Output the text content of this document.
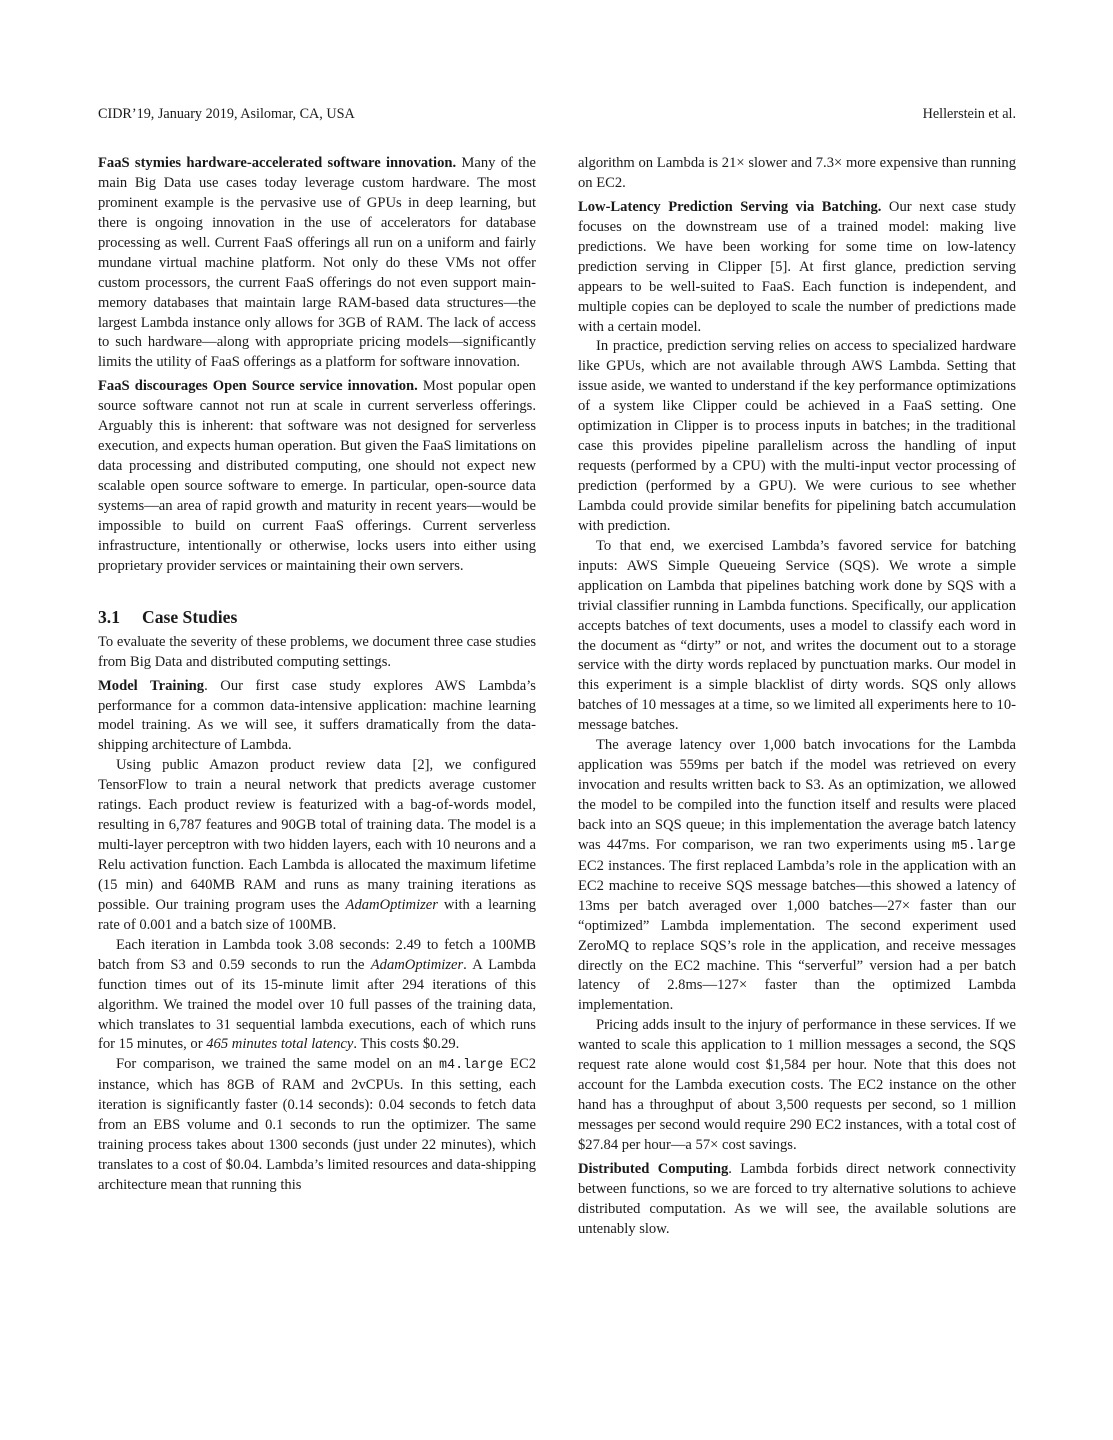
CIDR’19, January 2019, Asilomar, CA, USA	Hellerstein et al.

FaaS stymies hardware-accelerated software innovation. Many of the main Big Data use cases today leverage custom hardware. The most prominent example is the pervasive use of GPUs in deep learning, but there is ongoing innovation in the use of accelerators for database processing as well. Current FaaS offerings all run on a uniform and fairly mundane virtual machine platform. Not only do these VMs not offer custom processors, the current FaaS offerings do not even support main-memory databases that maintain large RAM-based data structures—the largest Lambda instance only allows for 3GB of RAM. The lack of access to such hardware—along with appropriate pricing models—significantly limits the utility of FaaS offerings as a platform for software innovation.

FaaS discourages Open Source service innovation. Most popular open source software cannot not run at scale in current serverless offerings. Arguably this is inherent: that software was not designed for serverless execution, and expects human operation. But given the FaaS limitations on data processing and distributed computing, one should not expect new scalable open source software to emerge. In particular, open-source data systems—an area of rapid growth and maturity in recent years—would be impossible to build on current FaaS offerings. Current serverless infrastructure, intentionally or otherwise, locks users into either using proprietary provider services or maintaining their own servers.

3.1 Case Studies

To evaluate the severity of these problems, we document three case studies from Big Data and distributed computing settings.

Model Training. Our first case study explores AWS Lambda’s performance for a common data-intensive application: machine learning model training. As we will see, it suffers dramatically from the data-shipping architecture of Lambda.

Using public Amazon product review data [2], we configured TensorFlow to train a neural network that predicts average customer ratings. Each product review is featurized with a bag-of-words model, resulting in 6,787 features and 90GB total of training data. The model is a multi-layer perceptron with two hidden layers, each with 10 neurons and a Relu activation function. Each Lambda is allocated the maximum lifetime (15 min) and 640MB RAM and runs as many training iterations as possible. Our training program uses the AdamOptimizer with a learning rate of 0.001 and a batch size of 100MB.

Each iteration in Lambda took 3.08 seconds: 2.49 to fetch a 100MB batch from S3 and 0.59 seconds to run the AdamOptimizer. A Lambda function times out of its 15-minute limit after 294 iterations of this algorithm. We trained the model over 10 full passes of the training data, which translates to 31 sequential lambda executions, each of which runs for 15 minutes, or 465 minutes total latency. This costs $0.29.

For comparison, we trained the same model on an m4.large EC2 instance, which has 8GB of RAM and 2vCPUs. In this setting, each iteration is significantly faster (0.14 seconds): 0.04 seconds to fetch data from an EBS volume and 0.1 seconds to run the optimizer. The same training process takes about 1300 seconds (just under 22 minutes), which translates to a cost of $0.04. Lambda’s limited resources and data-shipping architecture mean that running this

algorithm on Lambda is 21× slower and 7.3× more expensive than running on EC2.

Low-Latency Prediction Serving via Batching. Our next case study focuses on the downstream use of a trained model: making live predictions. We have been working for some time on low-latency prediction serving in Clipper [5]. At first glance, prediction serving appears to be well-suited to FaaS. Each function is independent, and multiple copies can be deployed to scale the number of predictions made with a certain model.

In practice, prediction serving relies on access to specialized hardware like GPUs, which are not available through AWS Lambda. Setting that issue aside, we wanted to understand if the key performance optimizations of a system like Clipper could be achieved in a FaaS setting. One optimization in Clipper is to process inputs in batches; in the traditional case this provides pipeline parallelism across the handling of input requests (performed by a CPU) with the multi-input vector processing of prediction (performed by a GPU). We were curious to see whether Lambda could provide similar benefits for pipelining batch accumulation with prediction.

To that end, we exercised Lambda’s favored service for batching inputs: AWS Simple Queueing Service (SQS). We wrote a simple application on Lambda that pipelines batching work done by SQS with a trivial classifier running in Lambda functions. Specifically, our application accepts batches of text documents, uses a model to classify each word in the document as “dirty” or not, and writes the document out to a storage service with the dirty words replaced by punctuation marks. Our model in this experiment is a simple blacklist of dirty words. SQS only allows batches of 10 messages at a time, so we limited all experiments here to 10-message batches.

The average latency over 1,000 batch invocations for the Lambda application was 559ms per batch if the model was retrieved on every invocation and results written back to S3. As an optimization, we allowed the model to be compiled into the function itself and results were placed back into an SQS queue; in this implementation the average batch latency was 447ms. For comparison, we ran two experiments using m5.large EC2 instances. The first replaced Lambda’s role in the application with an EC2 machine to receive SQS message batches—this showed a latency of 13ms per batch averaged over 1,000 batches—27× faster than our “optimized” Lambda implementation. The second experiment used ZeroMQ to replace SQS’s role in the application, and receive messages directly on the EC2 machine. This “serverful” version had a per batch latency of 2.8ms—127× faster than the optimized Lambda implementation.

Pricing adds insult to the injury of performance in these services. If we wanted to scale this application to 1 million messages a second, the SQS request rate alone would cost $1,584 per hour. Note that this does not account for the Lambda execution costs. The EC2 instance on the other hand has a throughput of about 3,500 requests per second, so 1 million messages per second would require 290 EC2 instances, with a total cost of $27.84 per hour—a 57× cost savings.

Distributed Computing. Lambda forbids direct network connectivity between functions, so we are forced to try alternative solutions to achieve distributed computation. As we will see, the available solutions are untenably slow.
